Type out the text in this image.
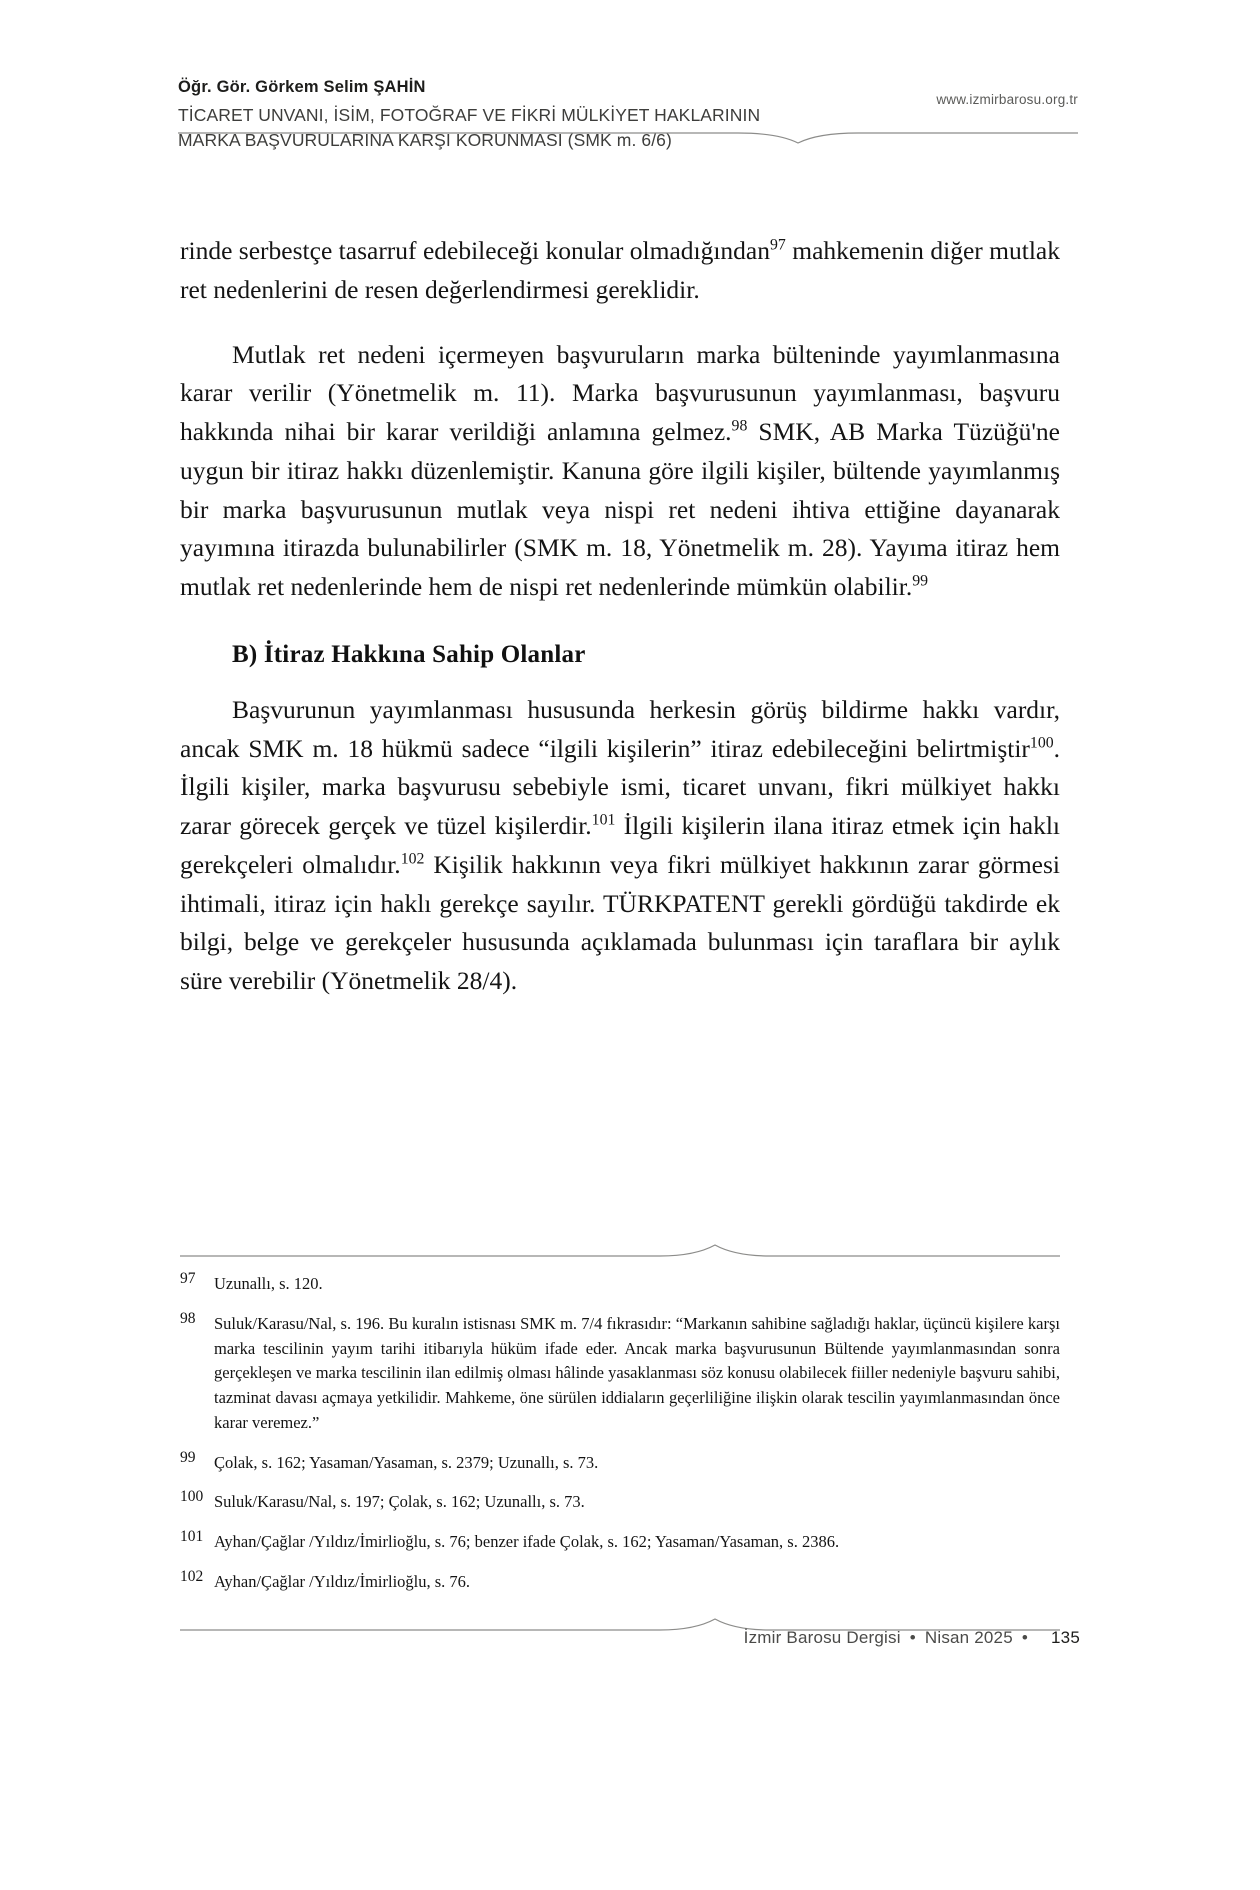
Öğr. Gör. Görkem Selim ŞAHİN
TİCARET UNVANI, İSİM, FOTOĞRAF VE FİKRİ MÜLKİYET HAKLARININ
MARKA BAŞVURULARINA KARŞI KORUNMASI (SMK m. 6/6)
www.izmirbarosu.org.tr

rinde serbestçe tasarruf edebileceği konular olmadığından$^{97}$ mahkemenin diğer mutlak ret nedenlerini de resen değerlendirmesi gereklidir.

Mutlak ret nedeni içermeyen başvuruların marka bülteninde yayımlanmasına karar verilir (Yönetmelik m. 11). Marka başvurusunun yayımlanması, başvuru hakkında nihai bir karar verildiği anlamına gelmez.$^{98}$ SMK, AB Marka Tüzüğü'ne uygun bir itiraz hakkı düzenlemiştir. Kanuna göre ilgili kişiler, bültende yayımlanmış bir marka başvurusunun mutlak veya nispi ret nedeni ihtiva ettiğine dayanarak yayımına itirazda bulunabilirler (SMK m. 18, Yönetmelik m. 28). Yayıma itiraz hem mutlak ret nedenlerinde hem de nispi ret nedenlerinde mümkün olabilir.$^{99}$

B) İtiraz Hakkına Sahip Olanlar

Başvurunun yayımlanması hususunda herkesin görüş bildirme hakkı vardır, ancak SMK m. 18 hükmü sadece “ilgili kişilerin” itiraz edebileceğini belirtmiştir$^{100}$. İlgili kişiler, marka başvurusu sebebiyle ismi, ticaret unvanı, fikri mülkiyet hakkı zarar görecek gerçek ve tüzel kişilerdir.$^{101}$ İlgili kişilerin ilana itiraz etmek için haklı gerekçeleri olmalıdır.$^{102}$ Kişilik hakkının veya fikri mülkiyet hakkının zarar görmesi ihtimali, itiraz için haklı gerekçe sayılır. TÜRKPATENT gerekli gördüğü takdirde ek bilgi, belge ve gerekçeler hususunda açıklamada bulunması için taraflara bir aylık süre verebilir (Yönetmelik 28/4).

97	Uzunallı, s. 120.
98	Suluk/Karasu/Nal, s. 196. Bu kuralın istisnası SMK m. 7/4 fıkrasıdır: “Markanın sahibine sağladığı haklar, üçüncü kişilere karşı marka tescilinin yayım tarihi itibarıyla hüküm ifade eder. Ancak marka başvurusunun Bültende yayımlanmasından sonra gerçekleşen ve marka tescilinin ilan edilmiş olması hâlinde yasaklanması söz konusu olabilecek fiiller nedeniyle başvuru sahibi, tazminat davası açmaya yetkilidir. Mahkeme, öne sürülen iddiaların geçerliliğine ilişkin olarak tescilin yayımlanmasından önce karar veremez.”
99	Çolak, s. 162; Yasaman/Yasaman, s. 2379; Uzunallı, s. 73.
100 Suluk/Karasu/Nal, s. 197; Çolak, s. 162; Uzunallı, s. 73.
101 Ayhan/Çağlar /Yıldız/İmirlioğlu, s. 76; benzer ifade Çolak, s. 162; Yasaman/Yasaman, s. 2386.
102 Ayhan/Çağlar /Yıldız/İmirlioğlu, s. 76.
İzmir Barosu Dergisi • Nisan 2025 • 135
